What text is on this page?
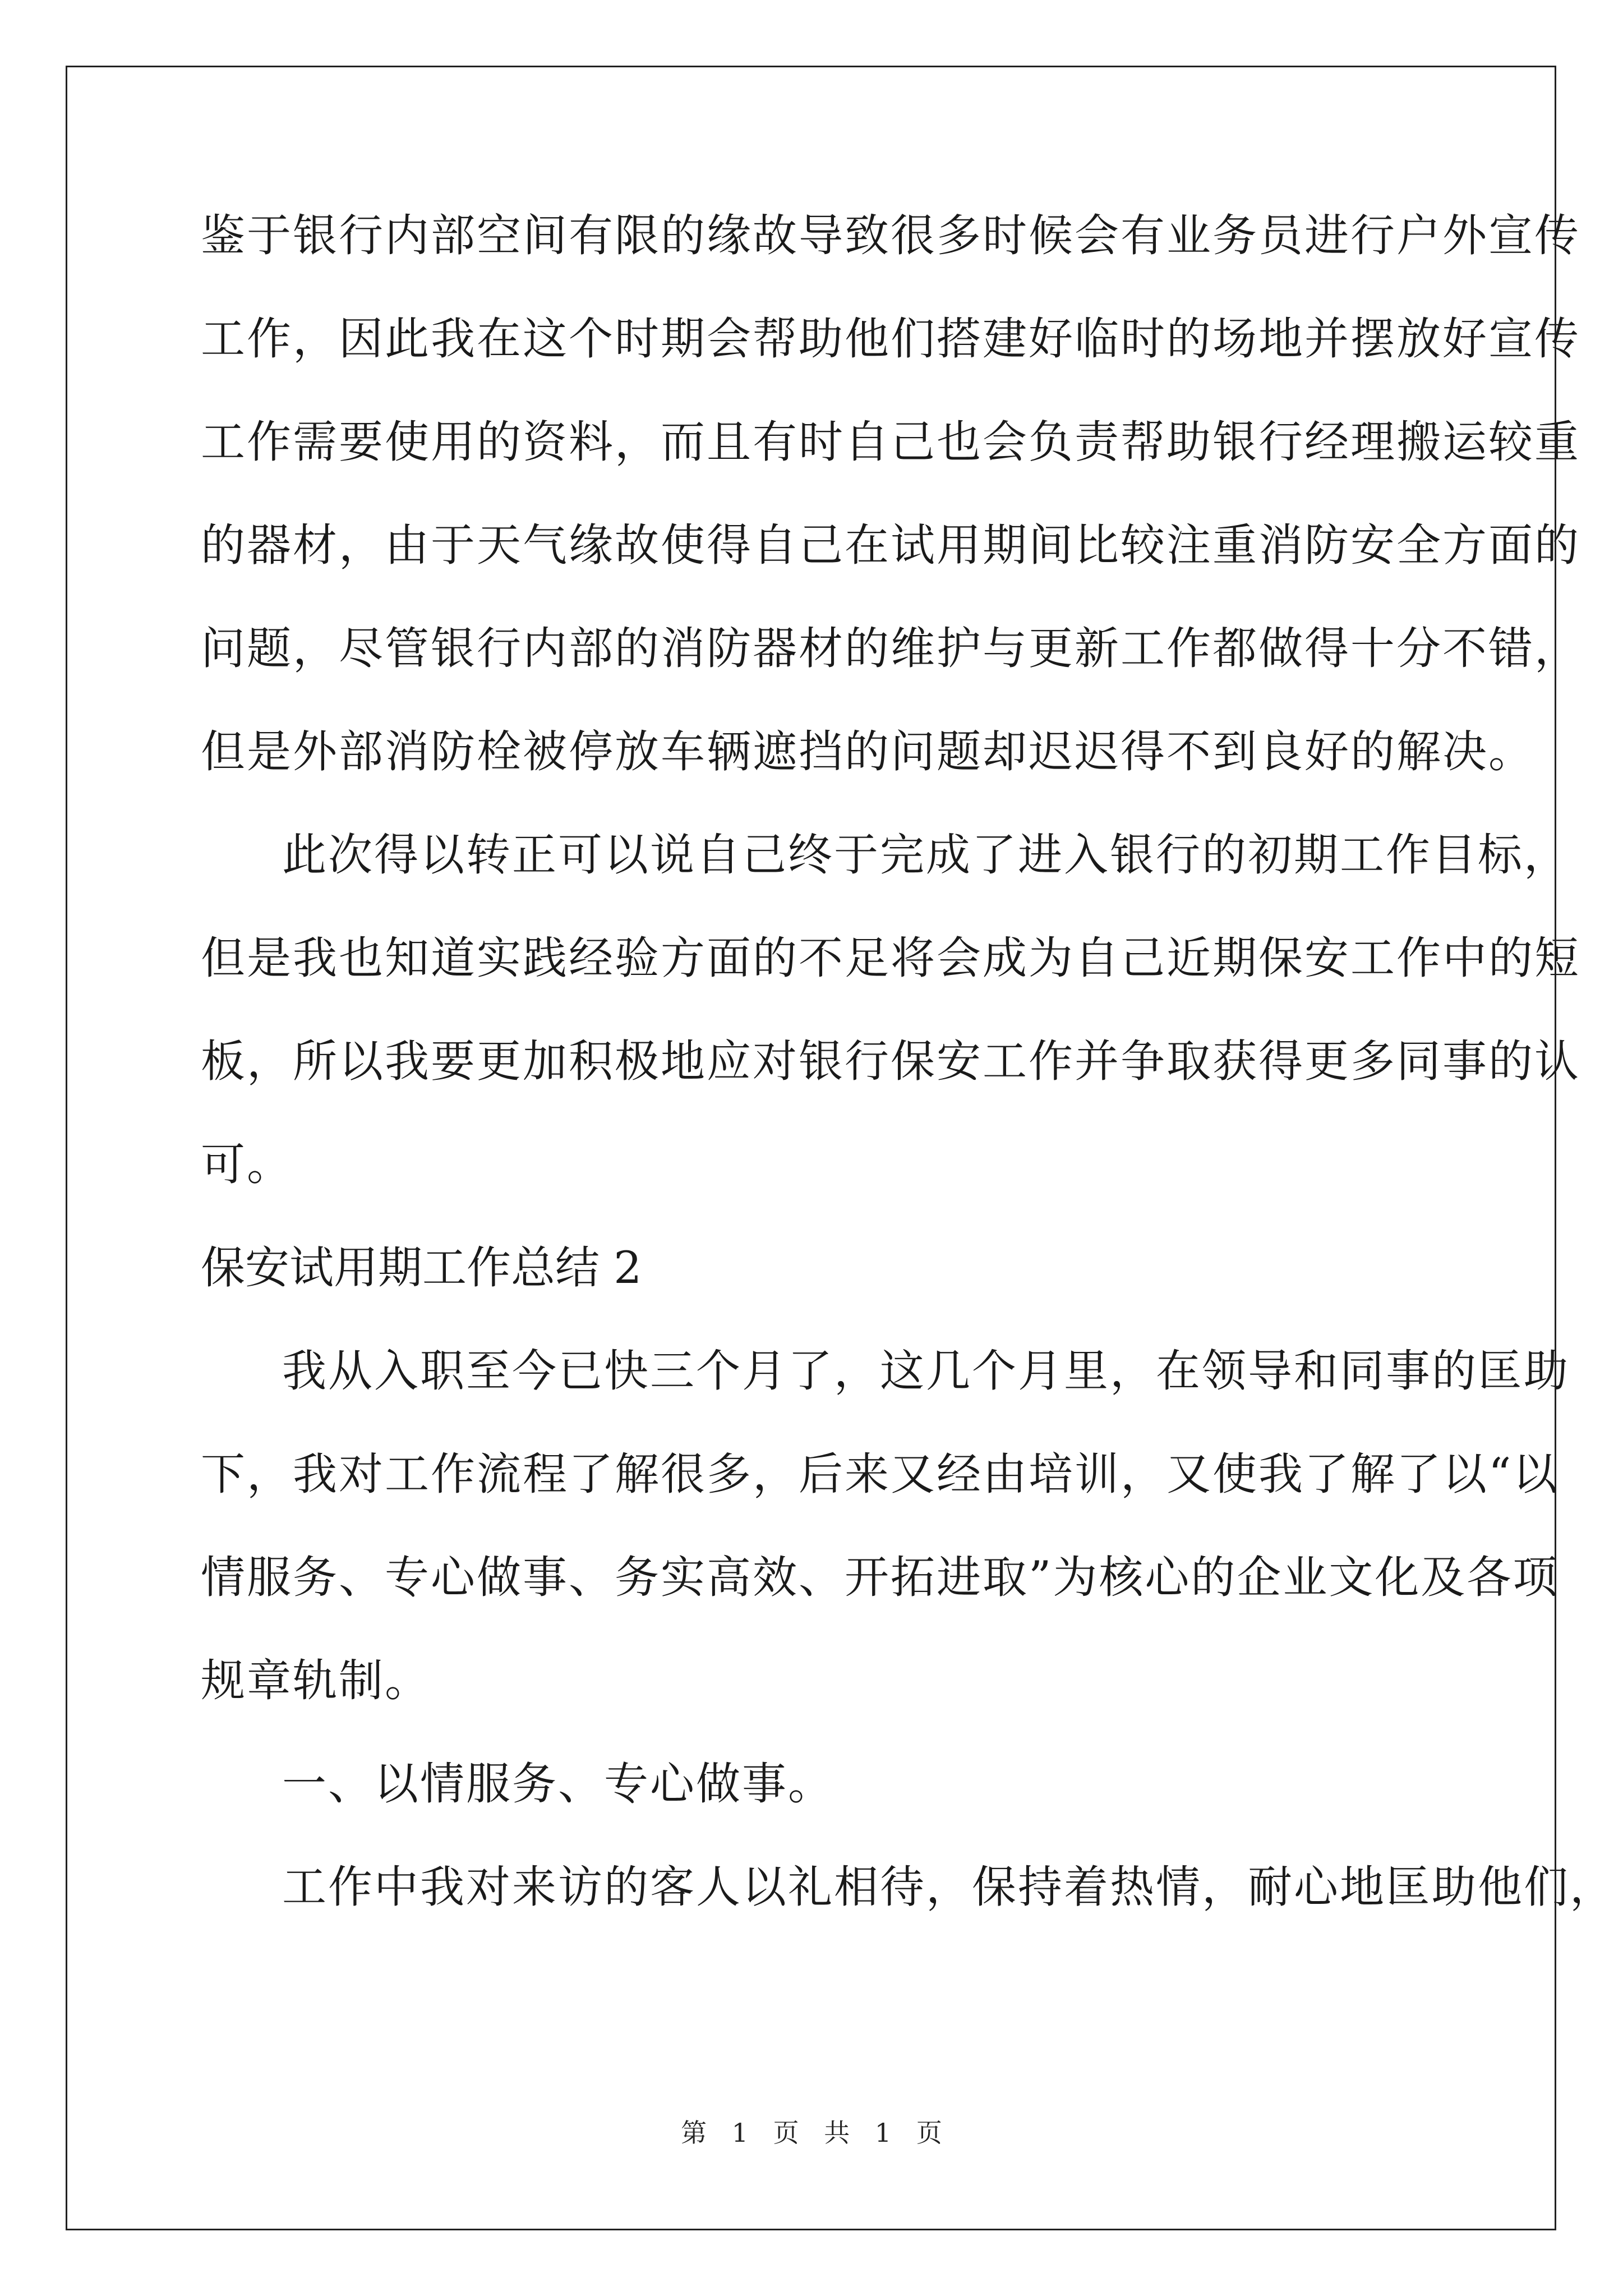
鉴于银行内部空间有限的缘故导致很多时候会有业务员进行户外宣传
工作，因此我在这个时期会帮助他们搭建好临时的场地并摆放好宣传
工作需要使用的资料，而且有时自己也会负责帮助银行经理搬运较重
的器材，由于天气缘故使得自己在试用期间比较注重消防安全方面的
问题，尽管银行内部的消防器材的维护与更新工作都做得十分不错，
但是外部消防栓被停放车辆遮挡的问题却迟迟得不到良好的解决。
此次得以转正可以说自己终于完成了进入银行的初期工作目标，
但是我也知道实践经验方面的不足将会成为自己近期保安工作中的短
板，所以我要更加积极地应对银行保安工作并争取获得更多同事的认
可。
保安试用期工作总结 2
我从入职至今已快三个月了，这几个月里，在领导和同事的匡助
下，我对工作流程了解很多，后来又经由培训，又使我了解了以“以
情服务、专心做事、务实高效、开拓进取”为核心的企业文化及各项
规章轨制。
一、以情服务、专心做事。
工作中我对来访的客人以礼相待，保持着热情，耐心地匡助他们，
第 1 页 共 1 页
